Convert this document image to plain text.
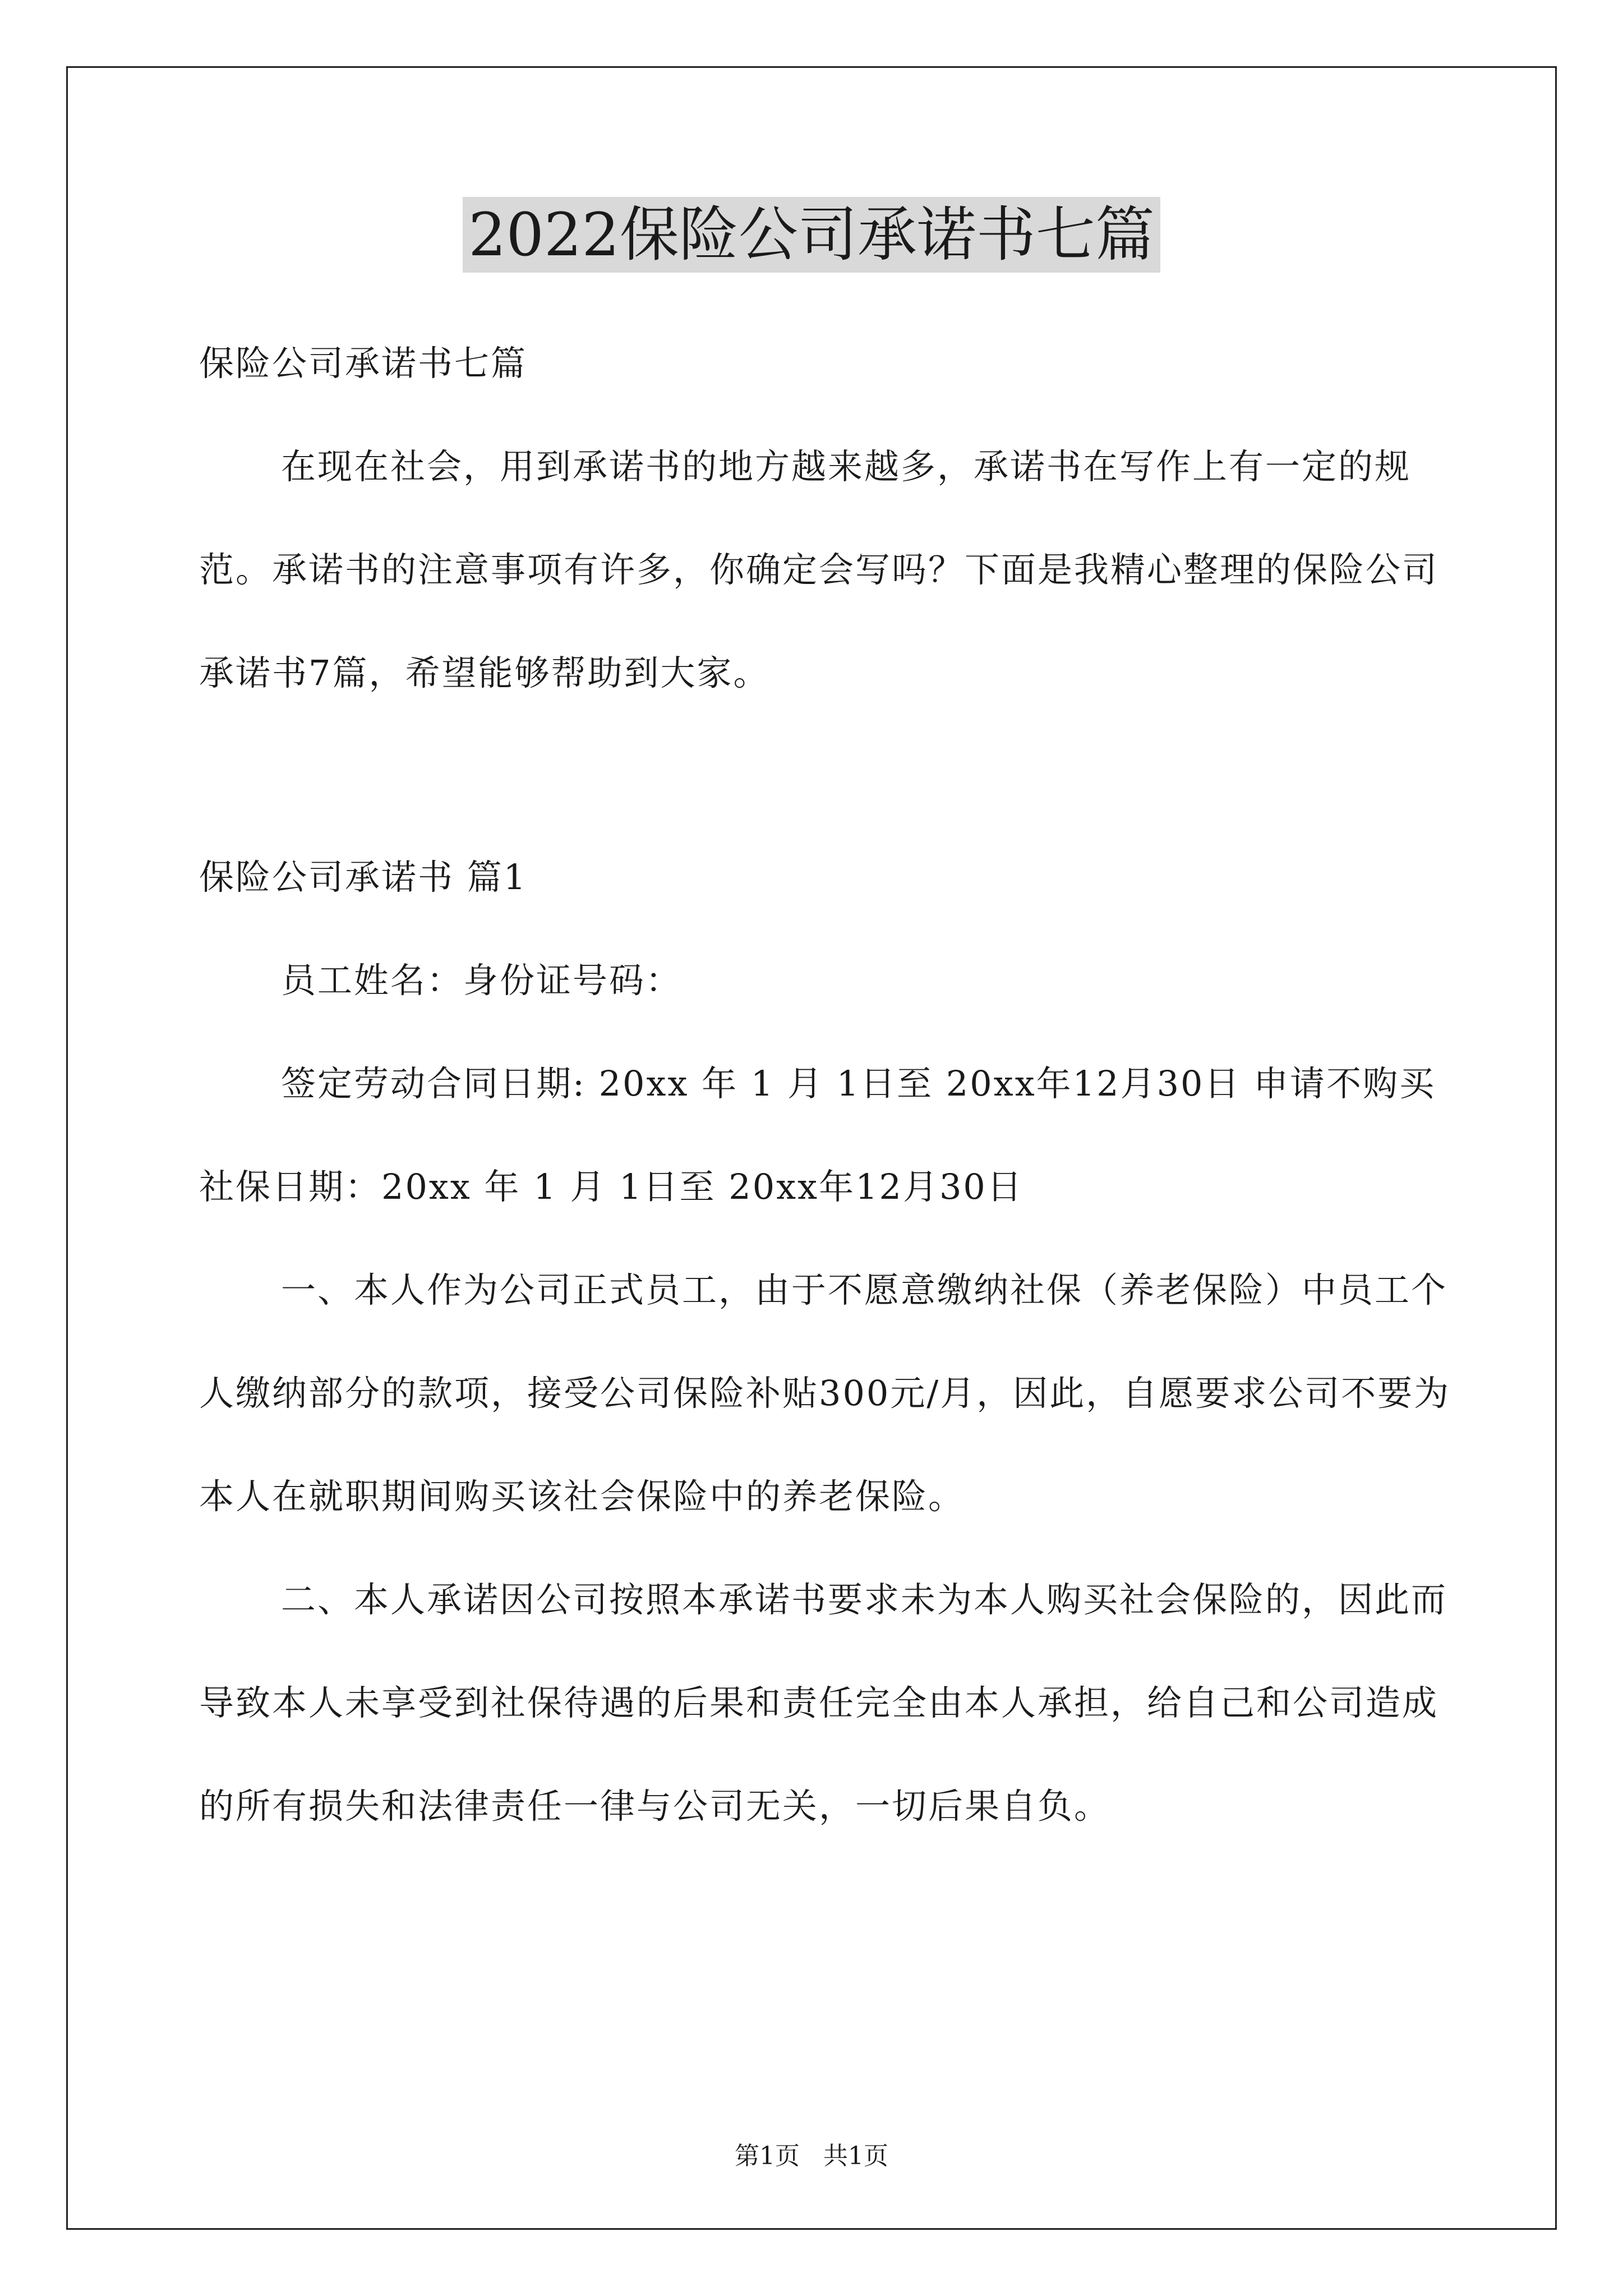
2022保险公司承诺书七篇

保险公司承诺书七篇

在现在社会，用到承诺书的地方越来越多，承诺书在写作上有一定的规范。承诺书的注意事项有许多，你确定会写吗？下面是我精心整理的保险公司承诺书7篇，希望能够帮助到大家。

保险公司承诺书 篇1

员工姓名：身份证号码：

签定劳动合同日期: 20xx 年 1 月 1日至 20xx年12月30日 申请不购买社保日期：20xx 年 1 月 1日至 20xx年12月30日

一、本人作为公司正式员工，由于不愿意缴纳社保（养老保险）中员工个人缴纳部分的款项，接受公司保险补贴300元/月，因此，自愿要求公司不要为本人在就职期间购买该社会保险中的养老保险。

二、本人承诺因公司按照本承诺书要求未为本人购买社会保险的，因此而导致本人未享受到社保待遇的后果和责任完全由本人承担，给自己和公司造成的所有损失和法律责任一律与公司无关，一切后果自负。

第1页   共1页
